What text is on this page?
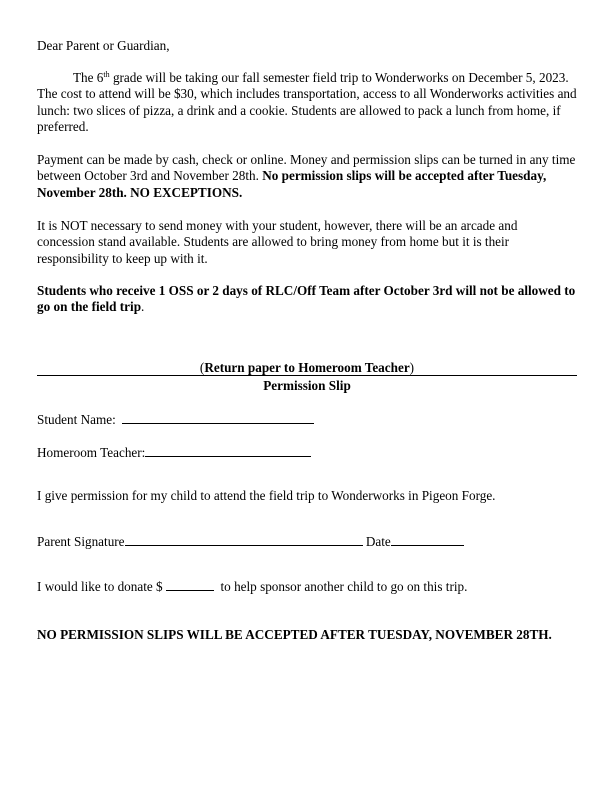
Dear Parent or Guardian,

The 6th grade will be taking our fall semester field trip to Wonderworks on December 5, 2023. The cost to attend will be $30, which includes transportation, access to all Wonderworks activities and lunch: two slices of pizza, a drink and a cookie. Students are allowed to pack a lunch from home, if preferred.

Payment can be made by cash, check or online. Money and permission slips can be turned in any time between October 3rd and November 28th. No permission slips will be accepted after Tuesday, November 28th. NO EXCEPTIONS.

It is NOT necessary to send money with your student, however, there will be an arcade and concession stand available. Students are allowed to bring money from home but it is their responsibility to keep up with it.

Students who receive 1 OSS or 2 days of RLC/Off Team after October 3rd will not be allowed to go on the field trip.

(Return paper to Homeroom Teacher)

Permission Slip

Student Name:

Homeroom Teacher:

I give permission for my child to attend the field trip to Wonderworks in Pigeon Forge.

Parent Signature	Date

I would like to donate $	to help sponsor another child to go on this trip.

NO PERMISSION SLIPS WILL BE ACCEPTED AFTER TUESDAY, NOVEMBER 28TH.
